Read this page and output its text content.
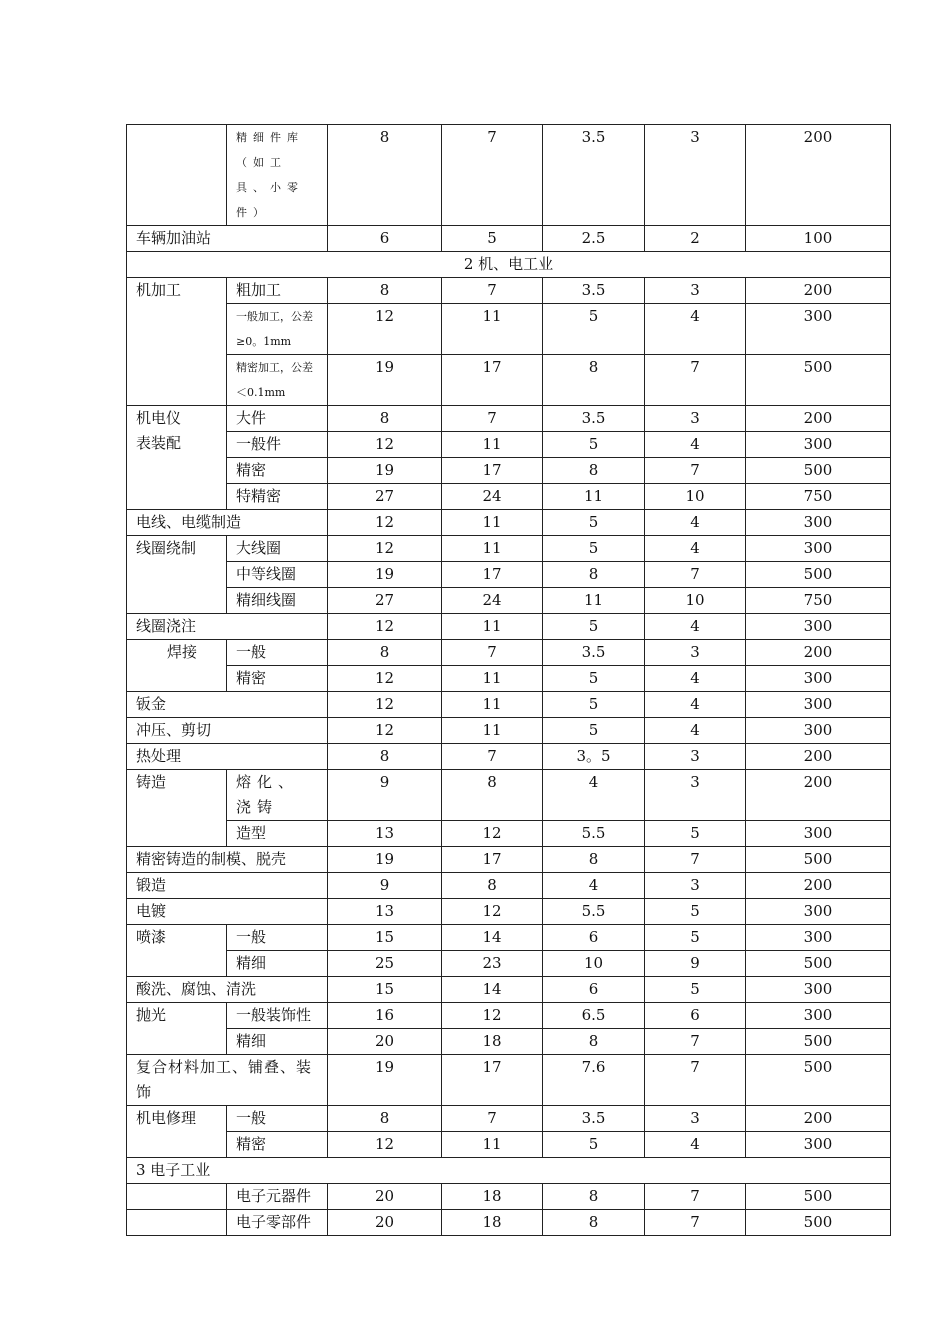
	精细件库（如工具、小零件）	8	7	3.5	3	200
车辆加油站		6	5	2.5	2	100
2 机、电工业						
机加工	粗加工	8	7	3.5	3	200
	一般加工，公差≥0。1mm	12	11	5	4	300
	精密加工，公差＜0.1mm	19	17	8	7	500
机电仪表装配	大件	8	7	3.5	3	200
	一般件	12	11	5	4	300
	精密	19	17	8	7	500
	特精密	27	24	11	10	750
电线、电缆制造		12	11	5	4	300
线圈绕制	大线圈	12	11	5	4	300
	中等线圈	19	17	8	7	500
	精细线圈	27	24	11	10	750
线圈浇注		12	11	5	4	300
焊接	一般	8	7	3.5	3	200
	精密	12	11	5	4	300
钣金		12	11	5	4	300
冲压、剪切		12	11	5	4	300
热处理		8	7	3。5	3	200
铸造	熔化、浇铸	9	8	4	3	200
	造型	13	12	5.5	5	300
精密铸造的制模、脱壳		19	17	8	7	500
锻造		9	8	4	3	200
电镀		13	12	5.5	5	300
喷漆	一般	15	14	6	5	300
	精细	25	23	10	9	500
酸洗、腐蚀、清洗		15	14	6	5	300
抛光	一般装饰性	16	12	6.5	6	300
	精细	20	18	8	7	500
复合材料加工、铺叠、装饰		19	17	7.6	7	500
机电修理	一般	8	7	3.5	3	200
	精密	12	11	5	4	300
3 电子工业						
	电子元器件	20	18	8	7	500
	电子零部件	20	18	8	7	500
